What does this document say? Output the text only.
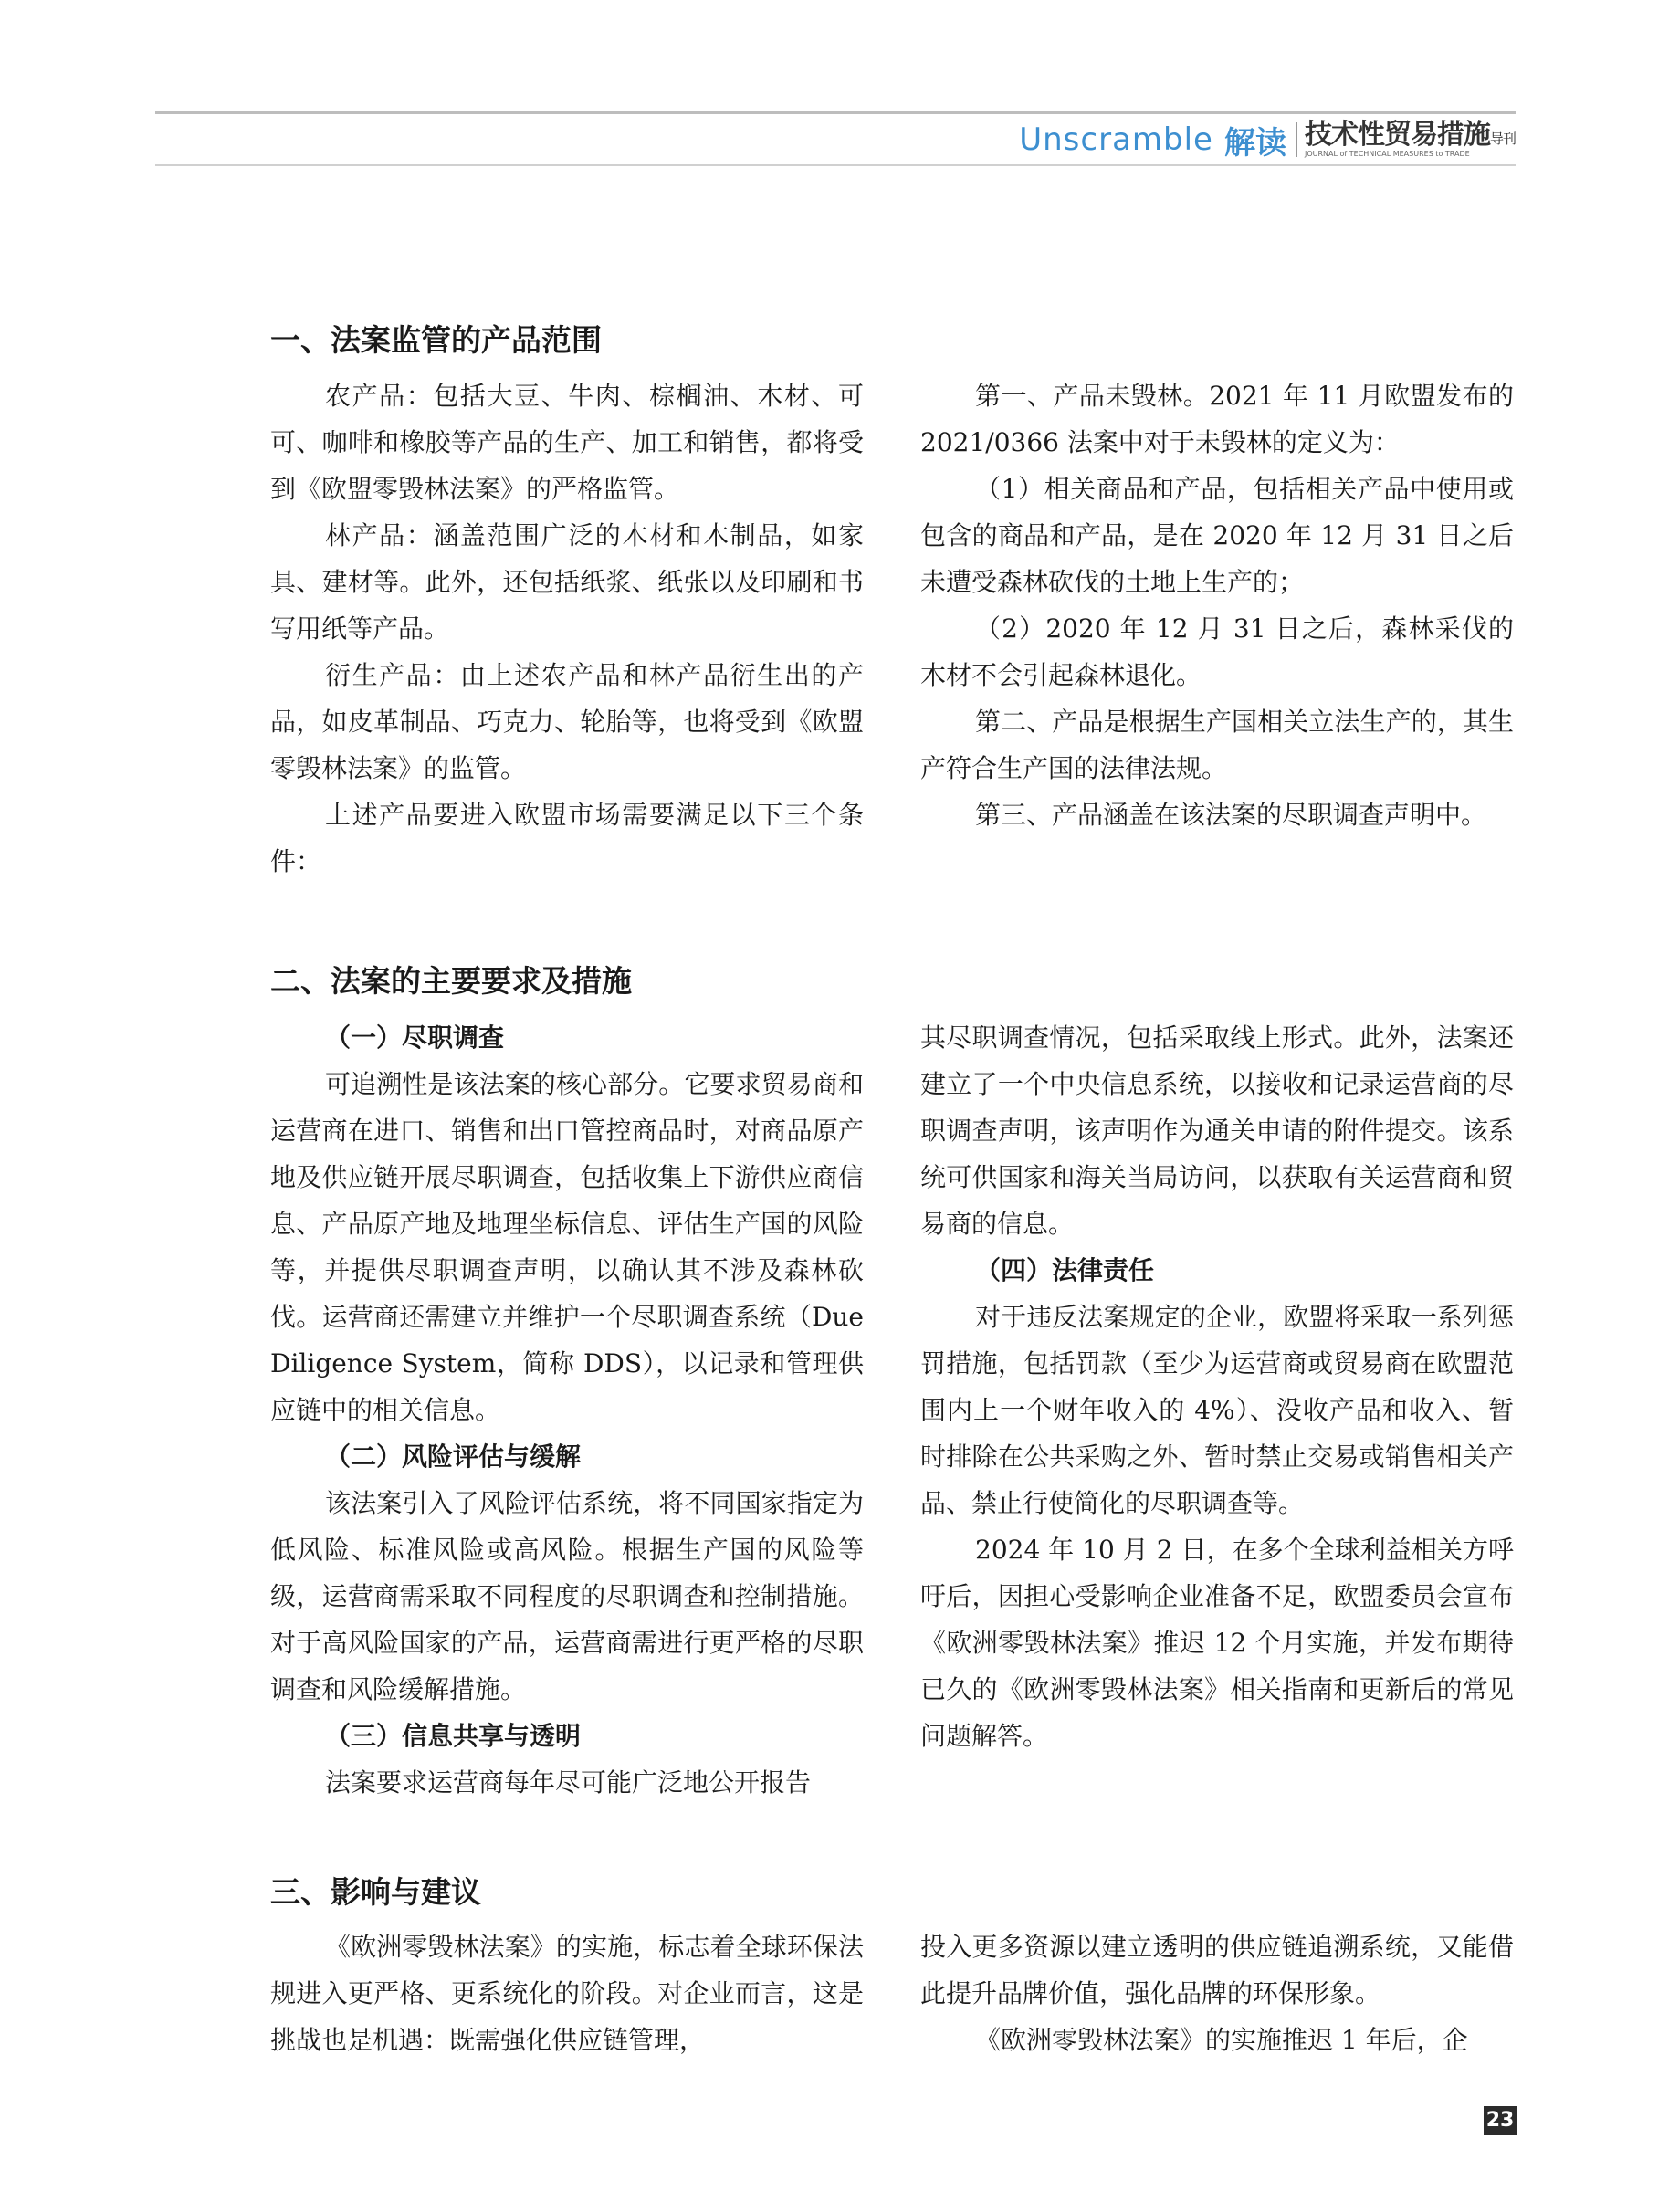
Unscramble 解读 技术性贸易措施导刊
JOURNAL of TECHNICAL MEASURES to TRADE
一、法案监管的产品范围

农产品：包括大豆、牛肉、棕榈油、木材、可可、咖啡和橡胶等产品的生产、加工和销售，都将受到《欧盟零毁林法案》的严格监管。

林产品：涵盖范围广泛的木材和木制品，如家具、建材等。此外，还包括纸浆、纸张以及印刷和书写用纸等产品。

衍生产品：由上述农产品和林产品衍生出的产品，如皮革制品、巧克力、轮胎等，也将受到《欧盟零毁林法案》的监管。

上述产品要进入欧盟市场需要满足以下三个条件：

第一、产品未毁林。2021 年 11 月欧盟发布的 2021/0366 法案中对于未毁林的定义为：

（1）相关商品和产品，包括相关产品中使用或包含的商品和产品，是在 2020 年 12 月 31 日之后未遭受森林砍伐的土地上生产的；

（2）2020 年 12 月 31 日之后，森林采伐的木材不会引起森林退化。

第二、产品是根据生产国相关立法生产的，其生产符合生产国的法律法规。

第三、产品涵盖在该法案的尽职调查声明中。

二、法案的主要要求及措施

（一）尽职调查

可追溯性是该法案的核心部分。它要求贸易商和运营商在进口、销售和出口管控商品时，对商品原产地及供应链开展尽职调查，包括收集上下游供应商信息、产品原产地及地理坐标信息、评估生产国的风险等，并提供尽职调查声明，以确认其不涉及森林砍伐。运营商还需建立并维护一个尽职调查系统（Due Diligence System，简称 DDS），以记录和管理供应链中的相关信息。

（二）风险评估与缓解

该法案引入了风险评估系统，将不同国家指定为低风险、标准风险或高风险。根据生产国的风险等级，运营商需采取不同程度的尽职调查和控制措施。对于高风险国家的产品，运营商需进行更严格的尽职调查和风险缓解措施。

（三）信息共享与透明

法案要求运营商每年尽可能广泛地公开报告

其尽职调查情况，包括采取线上形式。此外，法案还建立了一个中央信息系统，以接收和记录运营商的尽职调查声明，该声明作为通关申请的附件提交。该系统可供国家和海关当局访问，以获取有关运营商和贸易商的信息。

（四）法律责任

对于违反法案规定的企业，欧盟将采取一系列惩罚措施，包括罚款（至少为运营商或贸易商在欧盟范围内上一个财年收入的 4%）、没收产品和收入、暂时排除在公共采购之外、暂时禁止交易或销售相关产品、禁止行使简化的尽职调查等。

2024 年 10 月 2 日，在多个全球利益相关方呼吁后，因担心受影响企业准备不足，欧盟委员会宣布《欧洲零毁林法案》推迟 12 个月实施，并发布期待已久的《欧洲零毁林法案》相关指南和更新后的常见问题解答。

三、影响与建议

《欧洲零毁林法案》的实施，标志着全球环保法规进入更严格、更系统化的阶段。对企业而言，这是挑战也是机遇：既需强化供应链管理，

投入更多资源以建立透明的供应链追溯系统，又能借此提升品牌价值，强化品牌的环保形象。

《欧洲零毁林法案》的实施推迟 1 年后，企

23
